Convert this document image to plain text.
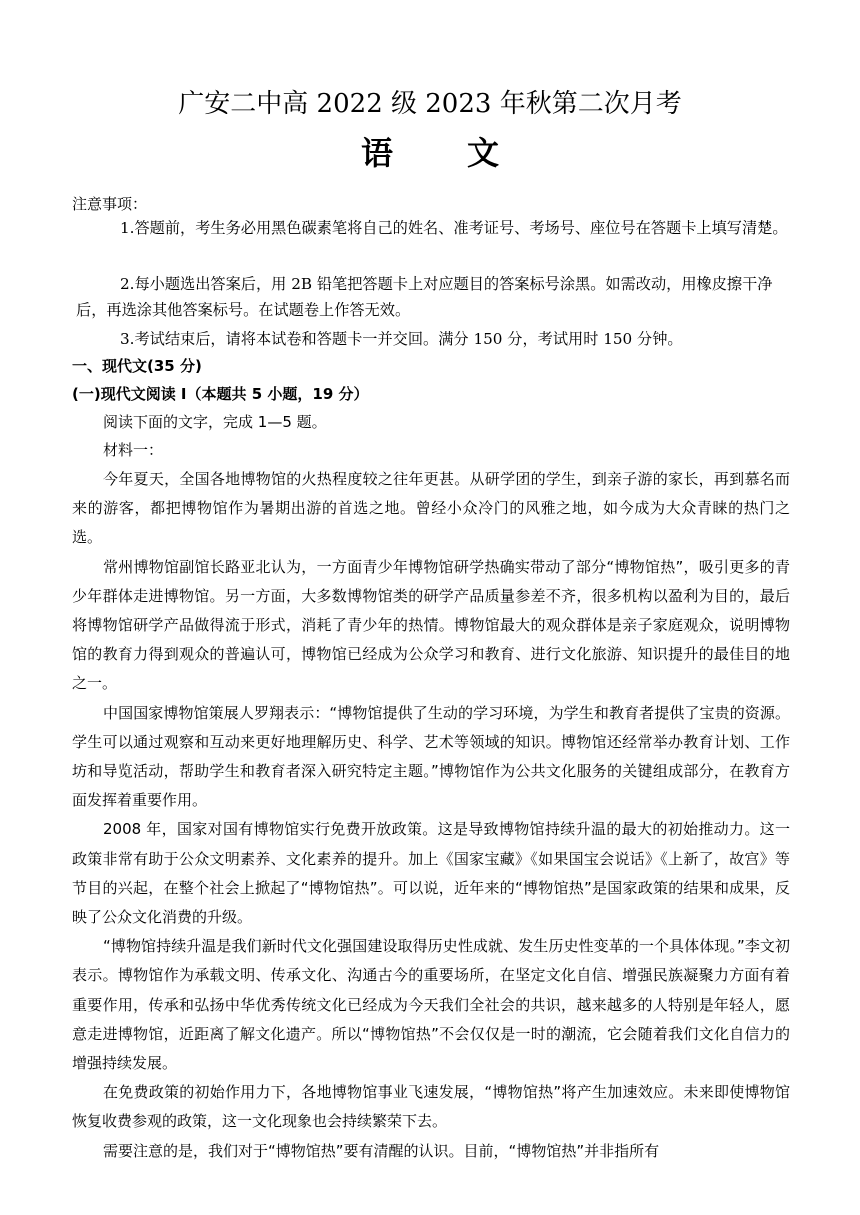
广安二中高 2022 级 2023 年秋第二次月考
语 文
注意事项：
1.答题前，考生务必用黑色碳素笔将自己的姓名、准考证号、考场号、座位号在答题卡上填写清楚。
2.每小题选出答案后，用 2B 铅笔把答题卡上对应题目的答案标号涂黑。如需改动，用橡皮擦干净后，再选涂其他答案标号。在试题卷上作答无效。
3.考试结束后，请将本试卷和答题卡一并交回。满分 150 分，考试用时 150 分钟。
一、现代文(35 分)
(一)现代文阅读 Ⅰ（本题共 5 小题，19 分）
阅读下面的文字，完成 1—5 题。
材料一：

今年夏天，全国各地博物馆的火热程度较之往年更甚。从研学团的学生，到亲子游的家长，再到慕名而来的游客，都把博物馆作为暑期出游的首选之地。曾经小众冷门的风雅之地，如今成为大众青睐的热门之选。

常州博物馆副馆长路亚北认为，一方面青少年博物馆研学热确实带动了部分“博物馆热”，吸引更多的青少年群体走进博物馆。另一方面，大多数博物馆类的研学产品质量参差不齐，很多机构以盈利为目的，最后将博物馆研学产品做得流于形式，消耗了青少年的热情。博物馆最大的观众群体是亲子家庭观众，说明博物馆的教育力得到观众的普遍认可，博物馆已经成为公众学习和教育、进行文化旅游、知识提升的最佳目的地之一。

中国国家博物馆策展人罗翔表示：“博物馆提供了生动的学习环境，为学生和教育者提供了宝贵的资源。学生可以通过观察和互动来更好地理解历史、科学、艺术等领域的知识。博物馆还经常举办教育计划、工作坊和导览活动，帮助学生和教育者深入研究特定主题。”博物馆作为公共文化服务的关键组成部分，在教育方面发挥着重要作用。

2008 年，国家对国有博物馆实行免费开放政策。这是导致博物馆持续升温的最大的初始推动力。这一政策非常有助于公众文明素养、文化素养的提升。加上《国家宝藏》《如果国宝会说话》《上新了，故宫》等节目的兴起，在整个社会上掀起了“博物馆热”。可以说，近年来的“博物馆热”是国家政策的结果和成果，反映了公众文化消费的升级。

“博物馆持续升温是我们新时代文化强国建设取得历史性成就、发生历史性变革的一个具体体现。”李文初表示。博物馆作为承载文明、传承文化、沟通古今的重要场所，在坚定文化自信、增强民族凝聚力方面有着重要作用，传承和弘扬中华优秀传统文化已经成为今天我们全社会的共识，越来越多的人特别是年轻人，愿意走进博物馆，近距离了解文化遗产。所以“博物馆热”不会仅仅是一时的潮流，它会随着我们文化自信力的增强持续发展。

在免费政策的初始作用力下，各地博物馆事业飞速发展，“博物馆热”将产生加速效应。未来即使博物馆恢复收费参观的政策，这一文化现象也会持续繁荣下去。

需要注意的是，我们对于“博物馆热”要有清醒的认识。目前，“博物馆热”并非指所有
